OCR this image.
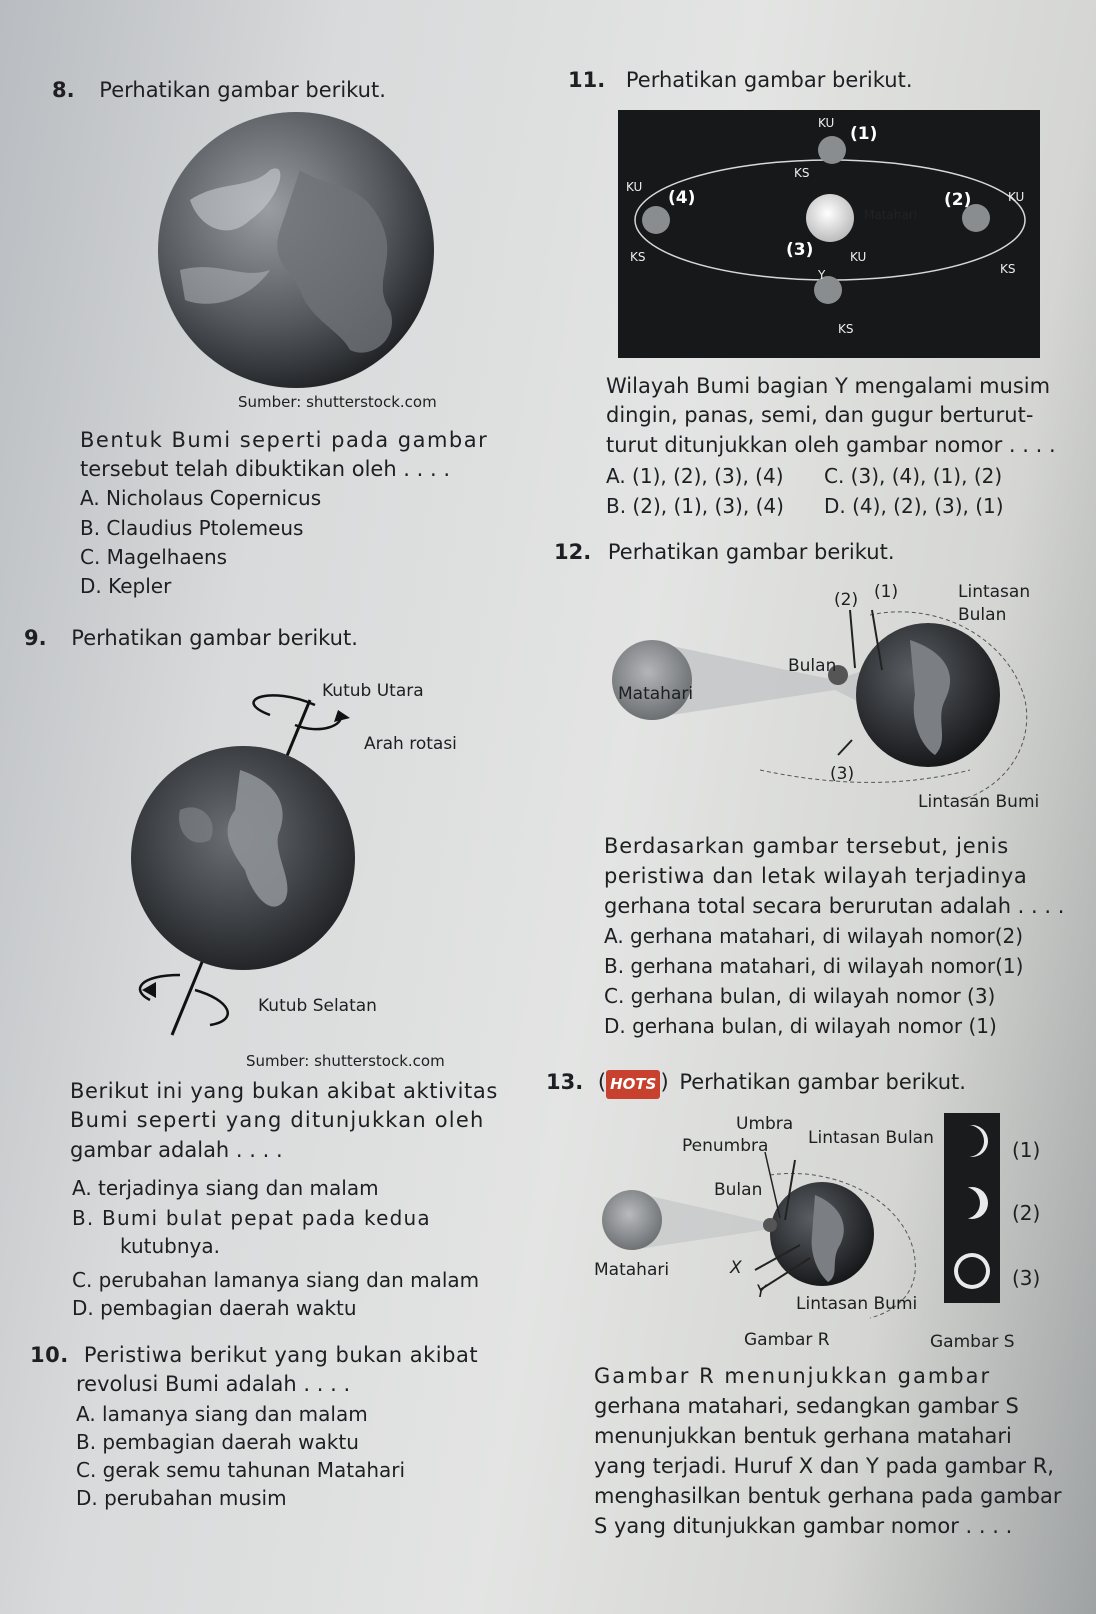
8. Perhatikan gambar berikut.
Sumber: shutterstock.com
Bentuk Bumi seperti pada gambar
tersebut telah dibuktikan oleh . . . .
A. Nicholaus Copernicus
B. Claudius Ptolemeus
C. Magelhaens
D. Kepler
9. Perhatikan gambar berikut.
Kutub Utara
Arah rotasi
Kutub Selatan
Sumber: shutterstock.com
Berikut ini yang bukan akibat aktivitas
Bumi seperti yang ditunjukkan oleh
gambar adalah . . . .
A. terjadinya siang dan malam
B. Bumi bulat pepat pada kedua
kutubnya.
C. perubahan lamanya siang dan malam
D. pembagian daerah waktu
10. Peristiwa berikut yang bukan akibat
revolusi Bumi adalah . . . .
A. lamanya siang dan malam
B. pembagian daerah waktu
C. gerak semu tahunan Matahari
D. perubahan musim
11. Perhatikan gambar berikut.
KU
(1)
KS
KU
(4)	(2)	KU
Matahari
KS	(3)	KU
Y	KS
KS
Wilayah Bumi bagian Y mengalami musim
dingin, panas, semi, dan gugur berturut-
turut ditunjukkan oleh gambar nomor . . . .
A. (1), (2), (3), (4) C. (3), (4), (1), (2)
B. (2), (1), (3), (4) D. (4), (2), (3), (1)
12. Perhatikan gambar berikut.
(2) (1)	Lintasan
Bulan
Bulan
Matahari
(3)
Lintasan Bumi
Berdasarkan gambar tersebut, jenis
peristiwa dan letak wilayah terjadinya
gerhana total secara berurutan adalah . . . .
A. gerhana matahari, di wilayah nomor(2)
B. gerhana matahari, di wilayah nomor(1)
C. gerhana bulan, di wilayah nomor (3)
D. gerhana bulan, di wilayah nomor (1)
13. ( HOTS ) Perhatikan gambar berikut.
Umbra
Penumbra Lintasan Bulan
Bulan
Matahari	X
Y
Lintasan Bumi
(1)
(2)
(3)
Gambar R	Gambar S
Gambar R menunjukkan gambar
gerhana matahari, sedangkan gambar S
menunjukkan bentuk gerhana matahari
yang terjadi. Huruf X dan Y pada gambar R,
menghasilkan bentuk gerhana pada gambar
S yang ditunjukkan gambar nomor . . . .
